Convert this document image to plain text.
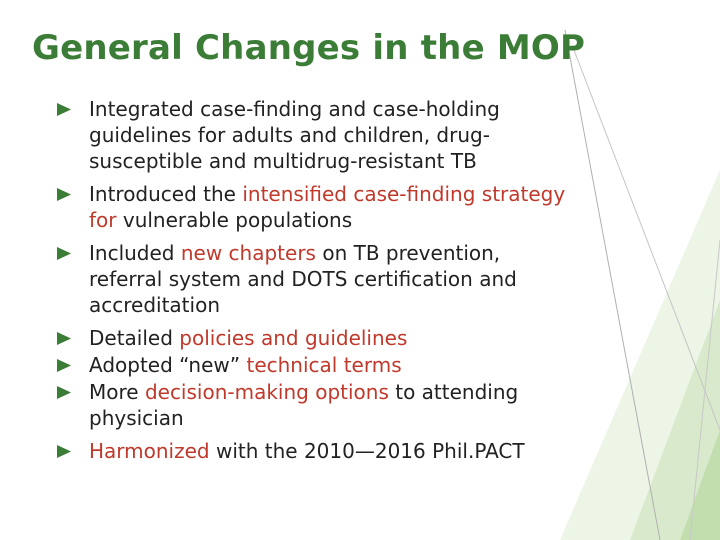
General Changes in the MOP
Integrated case-finding and case-holding
guidelines for adults and children, drug-
susceptible and multidrug-resistant TB
Introduced the intensified case-finding strategy
for vulnerable populations
Included new chapters on TB prevention,
referral system and DOTS certification and
accreditation
Detailed policies and guidelines
Adopted “new” technical terms
More decision-making options to attending
physician
Harmonized with the 2010—2016 Phil.PACT
